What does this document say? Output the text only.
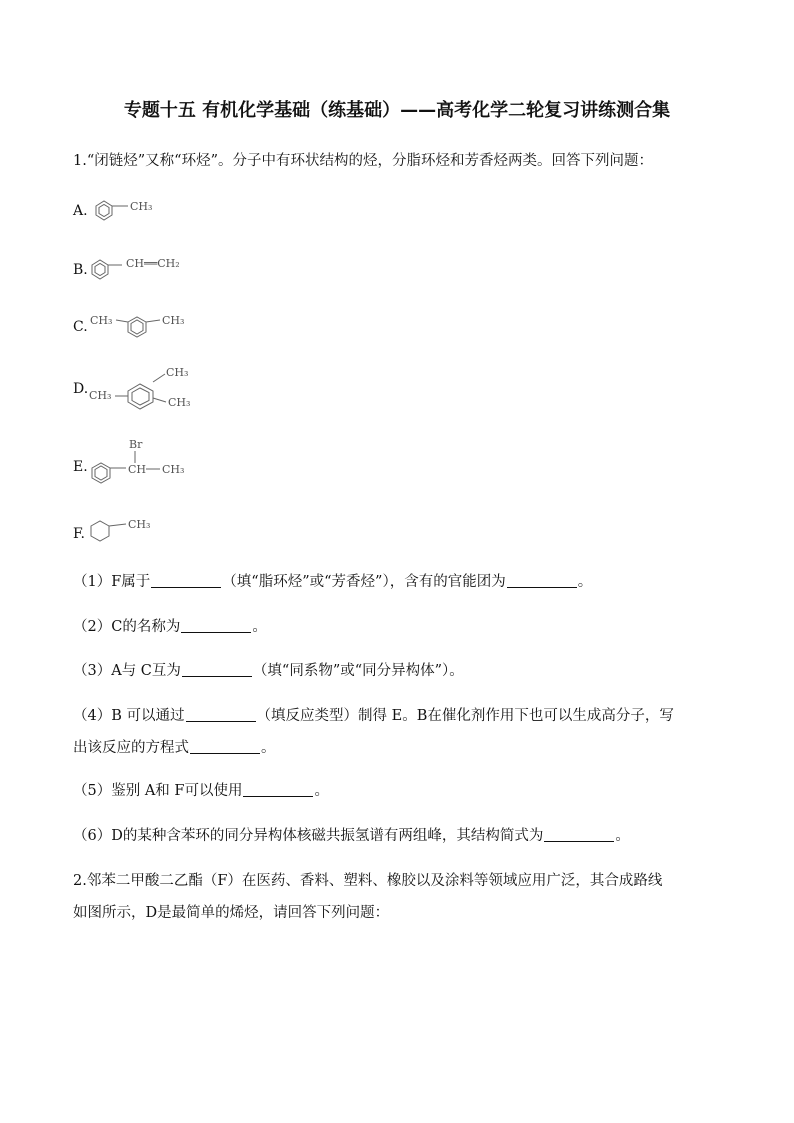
专题十五 有机化学基础（练基础）——高考化学二轮复习讲练测合集
1.“闭链烃”又称“环烃”。分子中有环状结构的烃，分脂环烃和芳香烃两类。回答下列问题：
A.	CH₃
B.	CH══CH₂
C. CH₃	CH₃
D.
CH₃
CH₃
CH₃
E.
Br
CH CH₃
F.
CH₃
（1）F属于	（填“脂环烃”或“芳香烃”），含有的官能团为	。
（2）C的名称为	。
（3）A与 C互为	（填“同系物”或“同分异构体”）。
（4）B 可以通过	（填反应类型）制得 E。B在催化剂作用下也可以生成高分子，写
出该反应的方程式	。
（5）鉴别 A和 F可以使用	。
（6）D的某种含苯环的同分异构体核磁共振氢谱有两组峰，其结构简式为	。
2.邻苯二甲酸二乙酯（F）在医药、香料、塑料、橡胶以及涂料等领域应用广泛，其合成路线
如图所示，D是最简单的烯烃，请回答下列问题：
